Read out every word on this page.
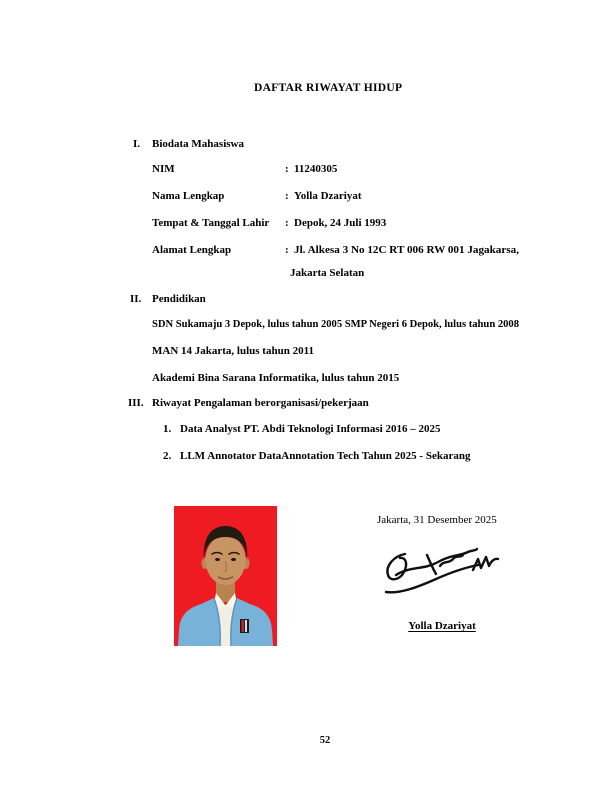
DAFTAR RIWAYAT HIDUP
I. Biodata Mahasiswa
NIM	: 11240305
Nama Lengkap	: Yolla Dzariyat
Tempat & Tanggal Lahir : Depok, 24 Juli 1993
Alamat Lengkap	: Jl. Alkesa 3 No 12C RT 006 RW 001 Jagakarsa,
Jakarta Selatan
II. Pendidikan
SDN Sukamaju 3 Depok, lulus tahun 2005 SMP Negeri 6 Depok, lulus tahun 2008
MAN 14 Jakarta, lulus tahun 2011
Akademi Bina Sarana Informatika, lulus tahun 2015
III. Riwayat Pengalaman berorganisasi/pekerjaan
1. Data Analyst PT. Abdi Teknologi Informasi 2016 – 2025
2. LLM Annotator DataAnnotation Tech Tahun 2025 - Sekarang
Jakarta, 31 Desember 2025
Yolla Dzariyat
52
